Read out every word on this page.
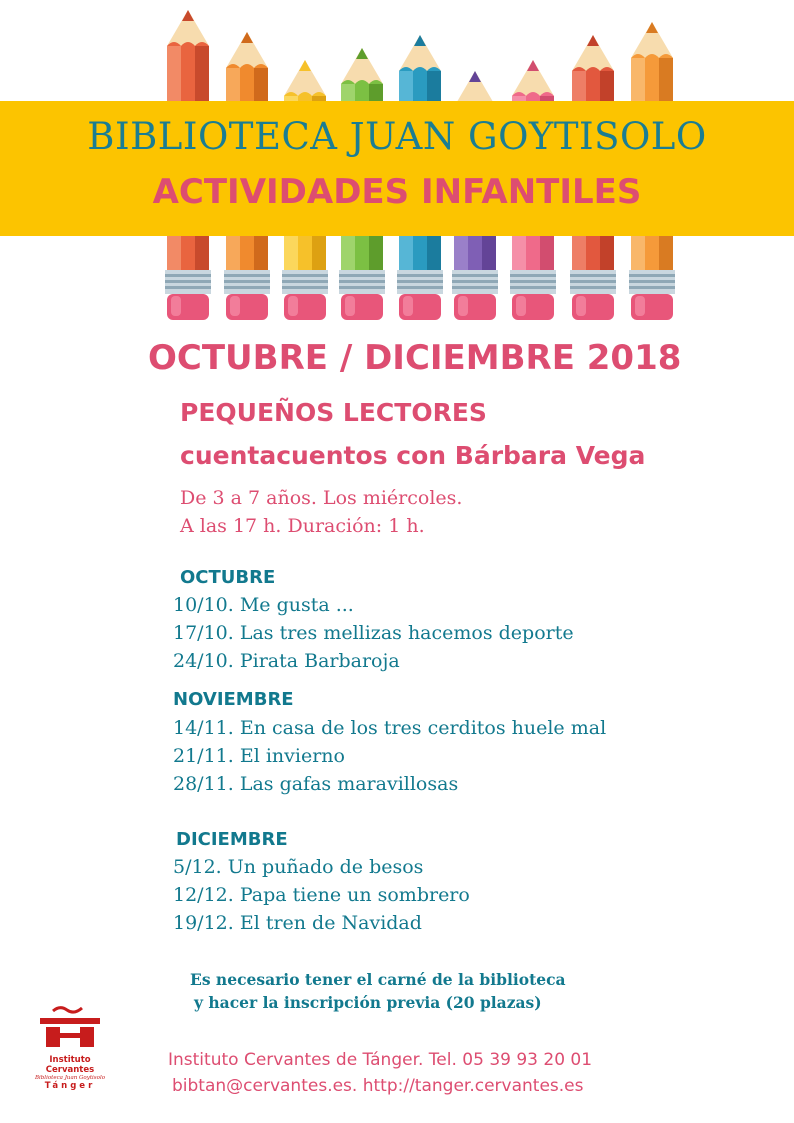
BIBLIOTECA JUAN GOYTISOLO
ACTIVIDADES INFANTILES
OCTUBRE / DICIEMBRE 2018
PEQUEÑOS LECTORES
cuentacuentos con Bárbara Vega
De 3 a 7 años. Los miércoles.
A las 17 h. Duración: 1 h.
OCTUBRE
10/10. Me gusta ...
17/10. Las tres mellizas hacemos deporte
24/10. Pirata Barbaroja
NOVIEMBRE
14/11. En casa de los tres cerditos huele mal
21/11. El invierno
28/11. Las gafas maravillosas
DICIEMBRE
5/12. Un puñado de besos
12/12. Papa tiene un sombrero
19/12. El tren de Navidad
Es necesario tener el carné de la biblioteca
y hacer la inscripción previa (20 plazas)
Instituto
Cervantes
Biblioteca Juan Goytisolo
Tánger
Instituto Cervantes de Tánger. Tel. 05 39 93 20 01
bibtan@cervantes.es. http://tanger.cervantes.es
